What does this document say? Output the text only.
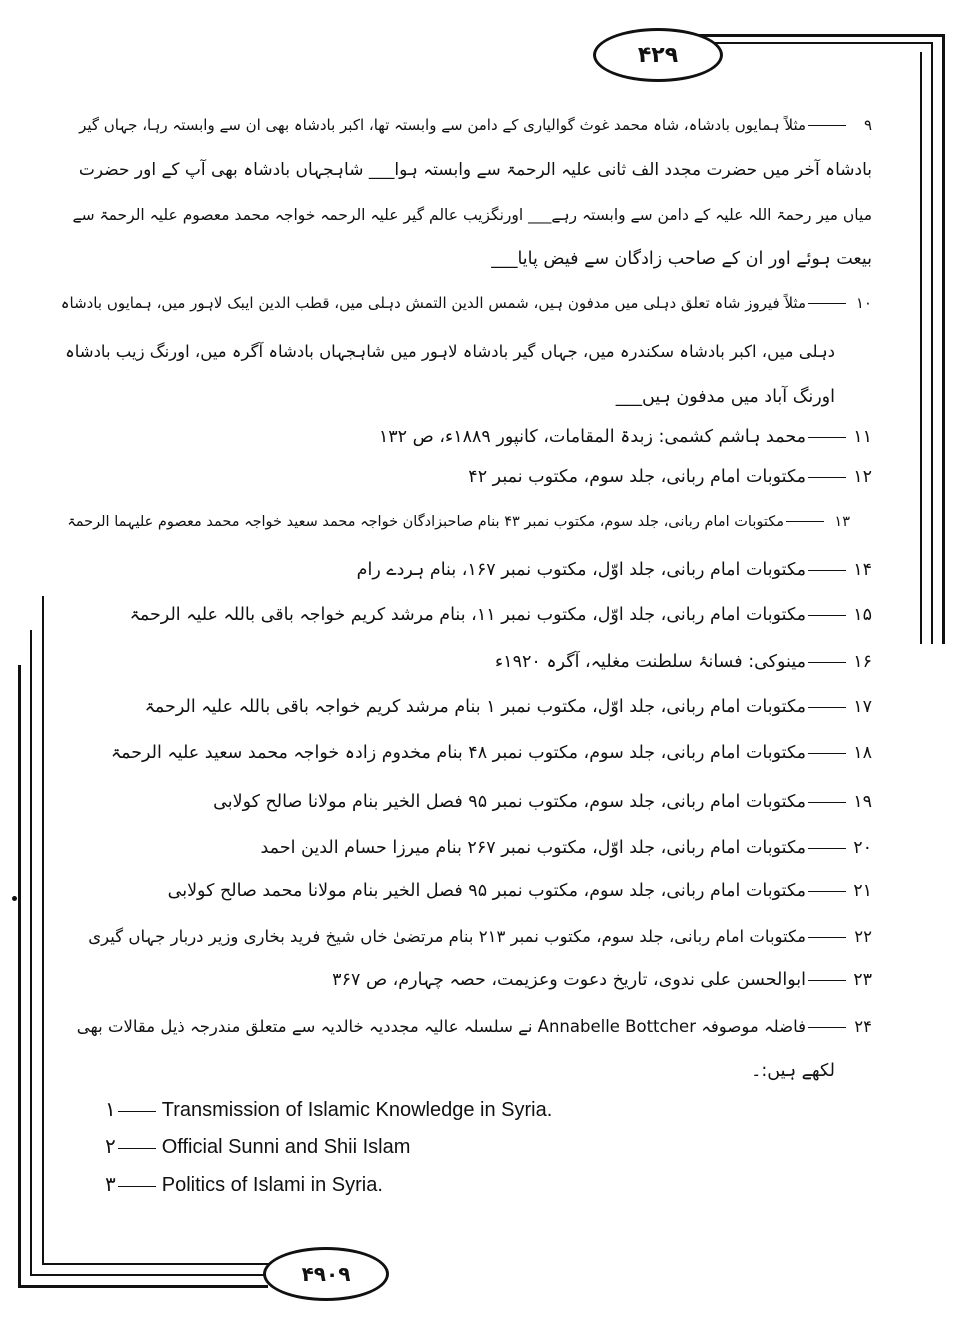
۴۲۹
۴۹۰۹
۹مثلاً ہمایوں بادشاہ، شاہ محمد غوث گوالیاری کے دامن سے وابستہ تھا، اکبر بادشاہ بھی ان سے وابستہ رہا، جہاں گیر
بادشاہ آخر میں حضرت مجدد الف ثانی علیہ الرحمۃ سے وابستہ ہوا___ شاہجہاں بادشاہ بھی آپ کے اور حضرت
میاں میر رحمۃ اللہ علیہ کے دامن سے وابستہ رہے___ اورنگزیب عالم گیر علیہ الرحمہ خواجہ محمد معصوم علیہ الرحمۃ سے
بیعت ہوئے اور ان کے صاحب زادگان سے فیض پایا___
۱۰مثلاً فیروز شاہ تعلق دہلی میں مدفون ہیں، شمس الدین التمش دہلی میں، قطب الدین ایبک لاہور میں، ہمایوں بادشاہ
دہلی میں، اکبر بادشاہ سکندرہ میں، جہاں گیر بادشاہ لاہور میں شاہجہاں بادشاہ آگرہ میں، اورنگ زیب بادشاہ
اورنگ آباد میں مدفون ہیں___
۱۱محمد ہاشم کشمی: زبدۃ المقامات، کانپور ۱۸۸۹ء، ص ۱۳۲
۱۲مکتوبات امام ربانی، جلد سوم، مکتوب نمبر ۴۲
۱۳مکتوبات امام ربانی، جلد سوم، مکتوب نمبر ۴۳ بنام صاحبزادگان خواجہ محمد سعید خواجہ محمد معصوم علیہما الرحمۃ
۱۴مکتوبات امام ربانی، جلد اوّل، مکتوب نمبر ۱۶۷، بنام ہردے رام
۱۵مکتوبات امام ربانی، جلد اوّل، مکتوب نمبر ۱۱، بنام مرشد کریم خواجہ باقی باللہ علیہ الرحمۃ
۱۶مینوکی: فسانۂ سلطنت مغلیہ، آگرہ ۱۹۲۰ء
۱۷مکتوبات امام ربانی، جلد اوّل، مکتوب نمبر ۱ بنام مرشد کریم خواجہ باقی باللہ علیہ الرحمۃ
۱۸مکتوبات امام ربانی، جلد سوم، مکتوب نمبر ۴۸ بنام مخدوم زادہ خواجہ محمد سعید علیہ الرحمۃ
۱۹مکتوبات امام ربانی، جلد سوم، مکتوب نمبر ۹۵ فصل الخیر بنام مولانا صالح کولابی
۲۰مکتوبات امام ربانی، جلد اوّل، مکتوب نمبر ۲۶۷ بنام میرزا حسام الدین احمد
۲۱مکتوبات امام ربانی، جلد سوم، مکتوب نمبر ۹۵ فصل الخیر بنام مولانا محمد صالح کولابی
۲۲مکتوبات امام ربانی، جلد سوم، مکتوب نمبر ۲۱۳ بنام مرتضیٰ خاں شیخ فرید بخاری وزیر دربار جہاں گیری
۲۳ابوالحسن علی ندوی، تاریخ دعوت وعزیمت، حصہ چہارم، ص ۳۶۷
۲۴فاضلہ موصوفہ Annabelle Bottcher نے سلسلہ عالیہ مجددیہ خالدیہ سے متعلق مندرجہ ذیل مقالات بھی
لکھے ہیں:۔
۱ Transmission of Islamic Knowledge in Syria.
۲ Official Sunni and Shii Islam
۳ Politics of Islami in Syria.
